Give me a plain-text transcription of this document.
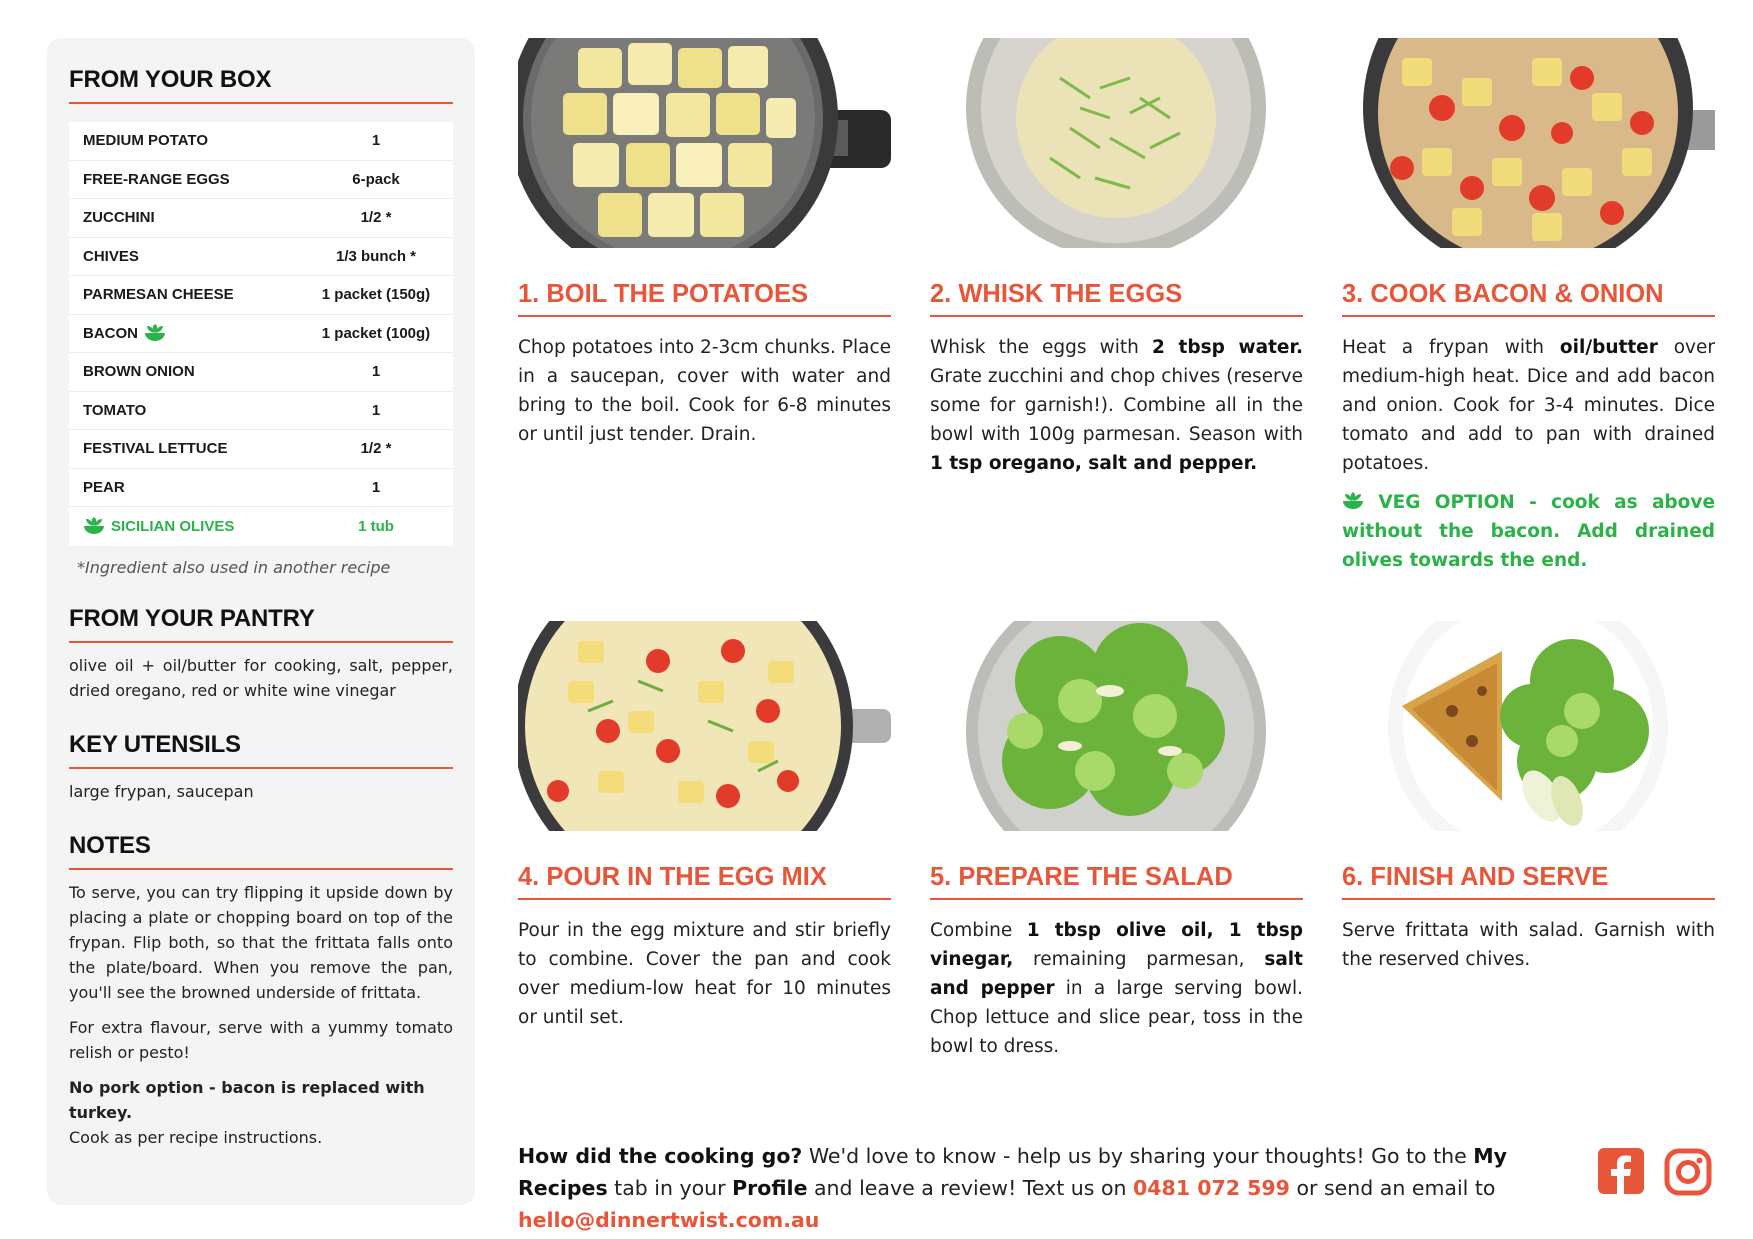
FROM YOUR BOX
MEDIUM POTATO	1
FREE-RANGE EGGS	6-pack
ZUCCHINI	1/2 *
CHIVES	1/3 bunch *
PARMESAN CHEESE	1 packet (150g)
BACON	1 packet (100g)
BROWN ONION	1
TOMATO	1
FESTIVAL LETTUCE	1/2 *
PEAR	1
SICILIAN OLIVES	1 tub
*Ingredient also used in another recipe
FROM YOUR PANTRY
olive oil + oil/butter for cooking, salt, pepper, dried oregano, red or white wine vinegar
KEY UTENSILS
large frypan, saucepan
NOTES
To serve, you can try flipping it upside down by placing a plate or chopping board on top of the frypan. Flip both, so that the frittata falls onto the plate/board. When you remove the pan, you'll see the browned underside of frittata.
For extra flavour, serve with a yummy tomato relish or pesto!
No pork option - bacon is replaced with turkey.
Cook as per recipe instructions.
1. BOIL THE POTATOES
Chop potatoes into 2-3cm chunks. Place in a saucepan, cover with water and bring to the boil. Cook for 6-8 minutes or until just tender. Drain.
2. WHISK THE EGGS
Whisk the eggs with 2 tbsp water. Grate zucchini and chop chives (reserve some for garnish!). Combine all in the bowl with 100g parmesan. Season with 1 tsp oregano, salt and pepper.
3. COOK BACON & ONION
Heat a frypan with oil/butter over medium-high heat. Dice and add bacon and onion. Cook for 3-4 minutes. Dice tomato and add to pan with drained potatoes.
VEG OPTION - cook as above without the bacon. Add drained olives towards the end.
4. POUR IN THE EGG MIX
Pour in the egg mixture and stir briefly to combine. Cover the pan and cook over medium-low heat for 10 minutes or until set.
5. PREPARE THE SALAD
Combine 1 tbsp olive oil, 1 tbsp vinegar, remaining parmesan, salt and pepper in a large serving bowl. Chop lettuce and slice pear, toss in the bowl to dress.
6. FINISH AND SERVE
Serve frittata with salad. Garnish with the reserved chives.
How did the cooking go? We'd love to know - help us by sharing your thoughts! Go to the My Recipes tab in your Profile and leave a review! Text us on 0481 072 599 or send an email to hello@dinnertwist.com.au
